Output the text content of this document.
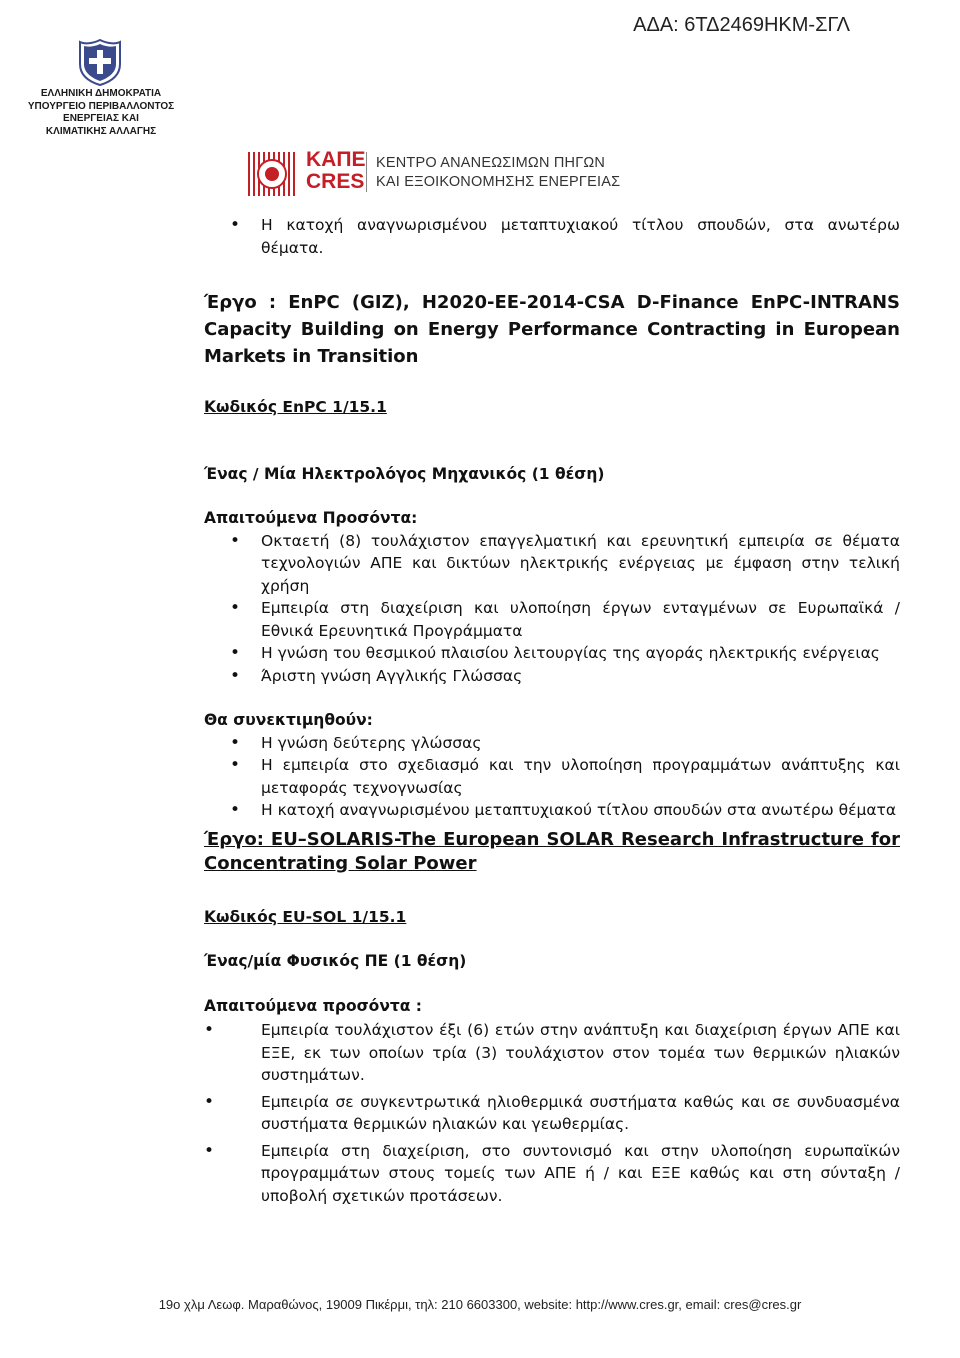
ΑΔΑ: 6ΤΔ2469ΗΚΜ-ΣΓΛ
ΕΛΛΗΝΙΚΗ ΔΗΜΟΚΡΑΤΙΑ
ΥΠΟΥΡΓΕΙΟ ΠΕΡΙΒΑΛΛΟΝΤΟΣ
ΕΝΕΡΓΕΙΑΣ ΚΑΙ
ΚΛΙΜΑΤΙΚΗΣ ΑΛΛΑΓΗΣ
ΚΑΠΕ
CRES
ΚΕΝΤΡΟ ΑΝΑΝΕΩΣΙΜΩΝ ΠΗΓΩΝ
ΚΑΙ ΕΞΟΙΚΟΝΟΜΗΣΗΣ ΕΝΕΡΓΕΙΑΣ
• Η κατοχή αναγνωρισμένου μεταπτυχιακού τίτλου σπουδών, στα ανωτέρω θέματα.
Έργο : EnPC (GIZ), H2020-EE-2014-CSA D-Finance EnPC-INTRANS Capacity Building on Energy Performance Contracting in European Markets in Transition
Κωδικός EnPC 1/15.1
Ένας / Μία Ηλεκτρολόγος Μηχανικός (1 θέση)
Απαιτούμενα Προσόντα:
• Οκταετή (8) τουλάχιστον επαγγελματική και ερευνητική εμπειρία σε θέματα τεχνολογιών ΑΠΕ και δικτύων ηλεκτρικής ενέργειας με έμφαση στην τελική χρήση
• Εμπειρία στη διαχείριση και υλοποίηση έργων ενταγμένων σε Ευρωπαϊκά / Εθνικά Ερευνητικά Προγράμματα
• Η γνώση του θεσμικού πλαισίου λειτουργίας της αγοράς ηλεκτρικής ενέργειας
• Άριστη γνώση Αγγλικής Γλώσσας
Θα συνεκτιμηθούν:
• Η γνώση δεύτερης γλώσσας
• Η εμπειρία στο σχεδιασμό και την υλοποίηση προγραμμάτων ανάπτυξης και μεταφοράς τεχνογνωσίας
• Η κατοχή αναγνωρισμένου μεταπτυχιακού τίτλου σπουδών στα ανωτέρω θέματα
Έργο: EU–SOLARIS-The European SOLAR Research Infrastructure for Concentrating Solar Power
Κωδικός EU-SOL 1/15.1
Ένας/μία Φυσικός ΠΕ (1 θέση)
Απαιτούμενα προσόντα :
• Εμπειρία τουλάχιστον έξι (6) ετών στην ανάπτυξη και διαχείριση έργων ΑΠΕ και ΕΞΕ, εκ των οποίων τρία (3) τουλάχιστον στον τομέα των θερμικών ηλιακών συστημάτων.
• Εμπειρία σε συγκεντρωτικά ηλιοθερμικά συστήματα καθώς και σε συνδυασμένα συστήματα θερμικών ηλιακών και γεωθερμίας.
• Εμπειρία στη διαχείριση, στο συντονισμό και στην υλοποίηση ευρωπαϊκών προγραμμάτων στους τομείς των ΑΠΕ ή / και ΕΞΕ καθώς και στη σύνταξη / υποβολή σχετικών προτάσεων.
19ο χλμ Λεωφ. Μαραθώνος, 19009 Πικέρμι, τηλ: 210 6603300, website: http://www.cres.gr, email: cres@cres.gr
